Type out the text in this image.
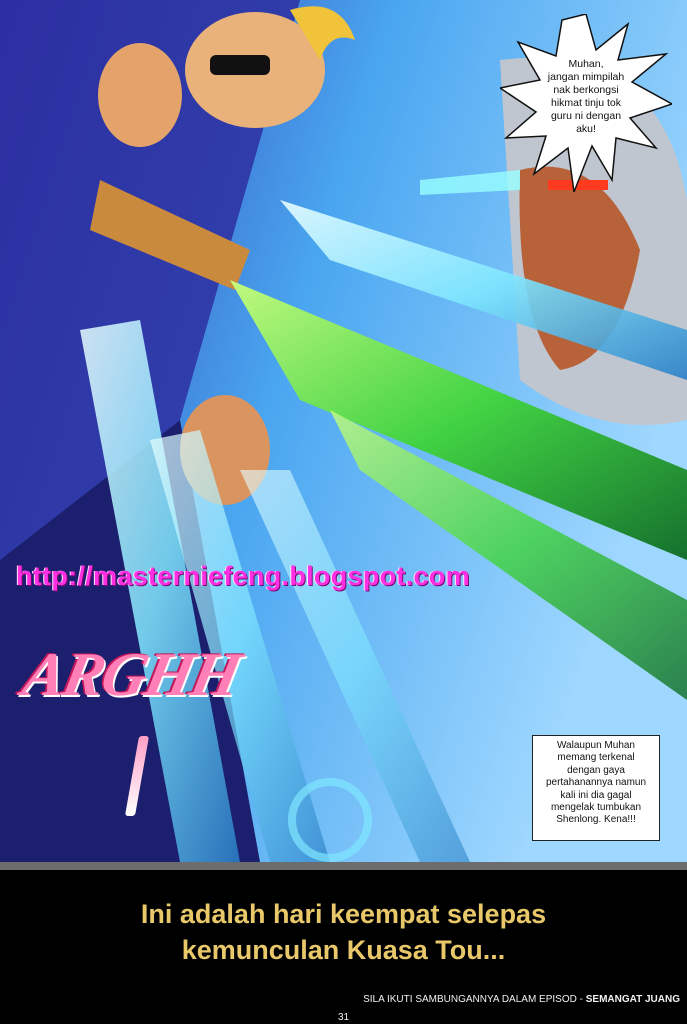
Muhan,
jangan mimpilah
nak berkongsi
hikmat tinju tok
guru ni dengan
aku!
http://masterniefeng.blogspot.com
ARGHH
Walaupun Muhan
memang terkenal
dengan gaya
pertahanannya namun
kali ini dia gagal
mengelak tumbukan
Shenlong. Kena!!!
Ini adalah hari keempat selepas
kemunculan Kuasa Tou...
SILA IKUTI SAMBUNGANNYA DALAM EPISOD - SEMANGAT JUANG
31
